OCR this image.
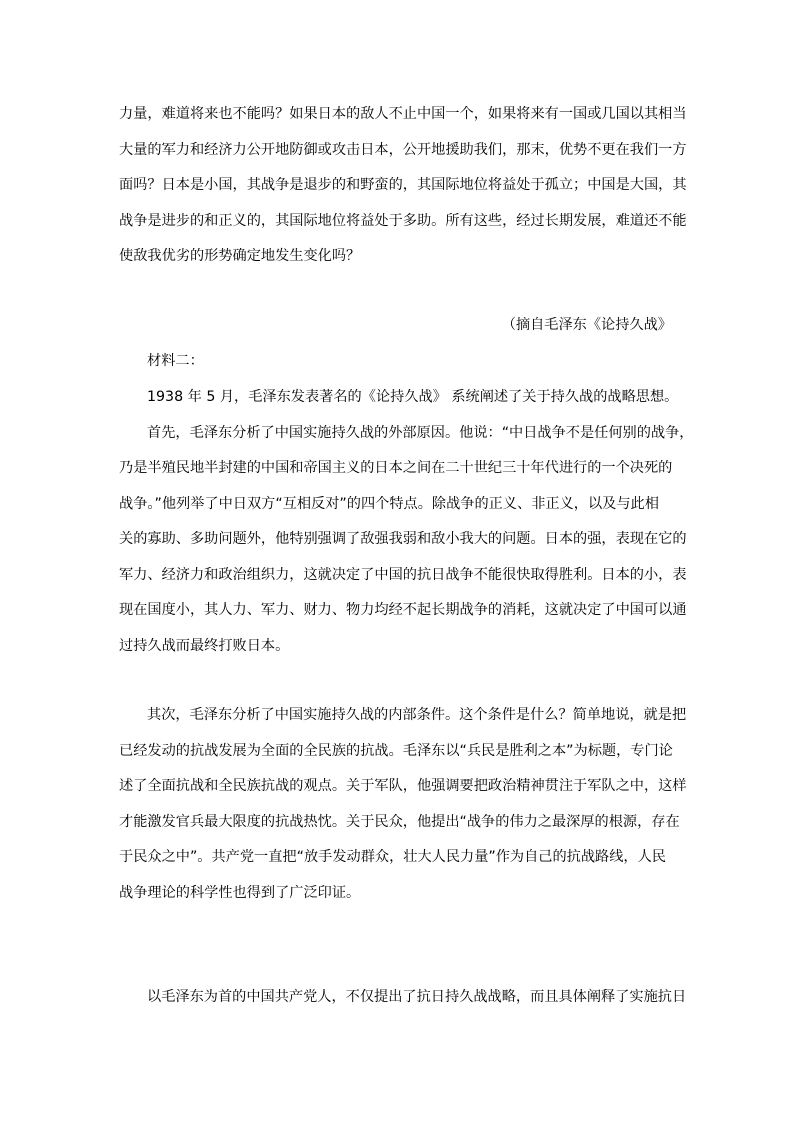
力量，难道将来也不能吗？如果日本的敌人不止中国一个，如果将来有一国或几国以其相当
大量的军力和经济力公开地防御或攻击日本，公开地援助我们，那末，优势不更在我们一方
面吗？日本是小国，其战争是退步的和野蛮的，其国际地位将益处于孤立；中国是大国，其
战争是进步的和正义的，其国际地位将益处于多助。所有这些，经过长期发展，难道还不能
使敌我优劣的形势确定地发生变化吗？
（摘自毛泽东《论持久战》
材料二：
1938 年 5 月，毛泽东发表著名的《论持久战》 系统阐述了关于持久战的战略思想。
首先，毛泽东分析了中国实施持久战的外部原因。他说：“中日战争不是任何别的战争，
乃是半殖民地半封建的中国和帝国主义的日本之间在二十世纪三十年代进行的一个决死的
战争。”他列举了中日双方“互相反对”的四个特点。除战争的正义、非正义，以及与此相
关的寡助、多助问题外，他特别强调了敌强我弱和敌小我大的问题。日本的强，表现在它的
军力、经济力和政治组织力，这就决定了中国的抗日战争不能很快取得胜利。日本的小，表
现在国度小，其人力、军力、财力、物力均经不起长期战争的消耗，这就决定了中国可以通
过持久战而最终打败日本。
其次，毛泽东分析了中国实施持久战的内部条件。这个条件是什么？简单地说，就是把
已经发动的抗战发展为全面的全民族的抗战。毛泽东以“兵民是胜利之本”为标题，专门论
述了全面抗战和全民族抗战的观点。关于军队，他强调要把政治精神贯注于军队之中，这样
才能激发官兵最大限度的抗战热忱。关于民众，他提出“战争的伟力之最深厚的根源，存在
于民众之中”。共产党一直把“放手发动群众，壮大人民力量”作为自己的抗战路线，人民
战争理论的科学性也得到了广泛印证。
以毛泽东为首的中国共产党人，不仅提出了抗日持久战战略，而且具体阐释了实施抗日
